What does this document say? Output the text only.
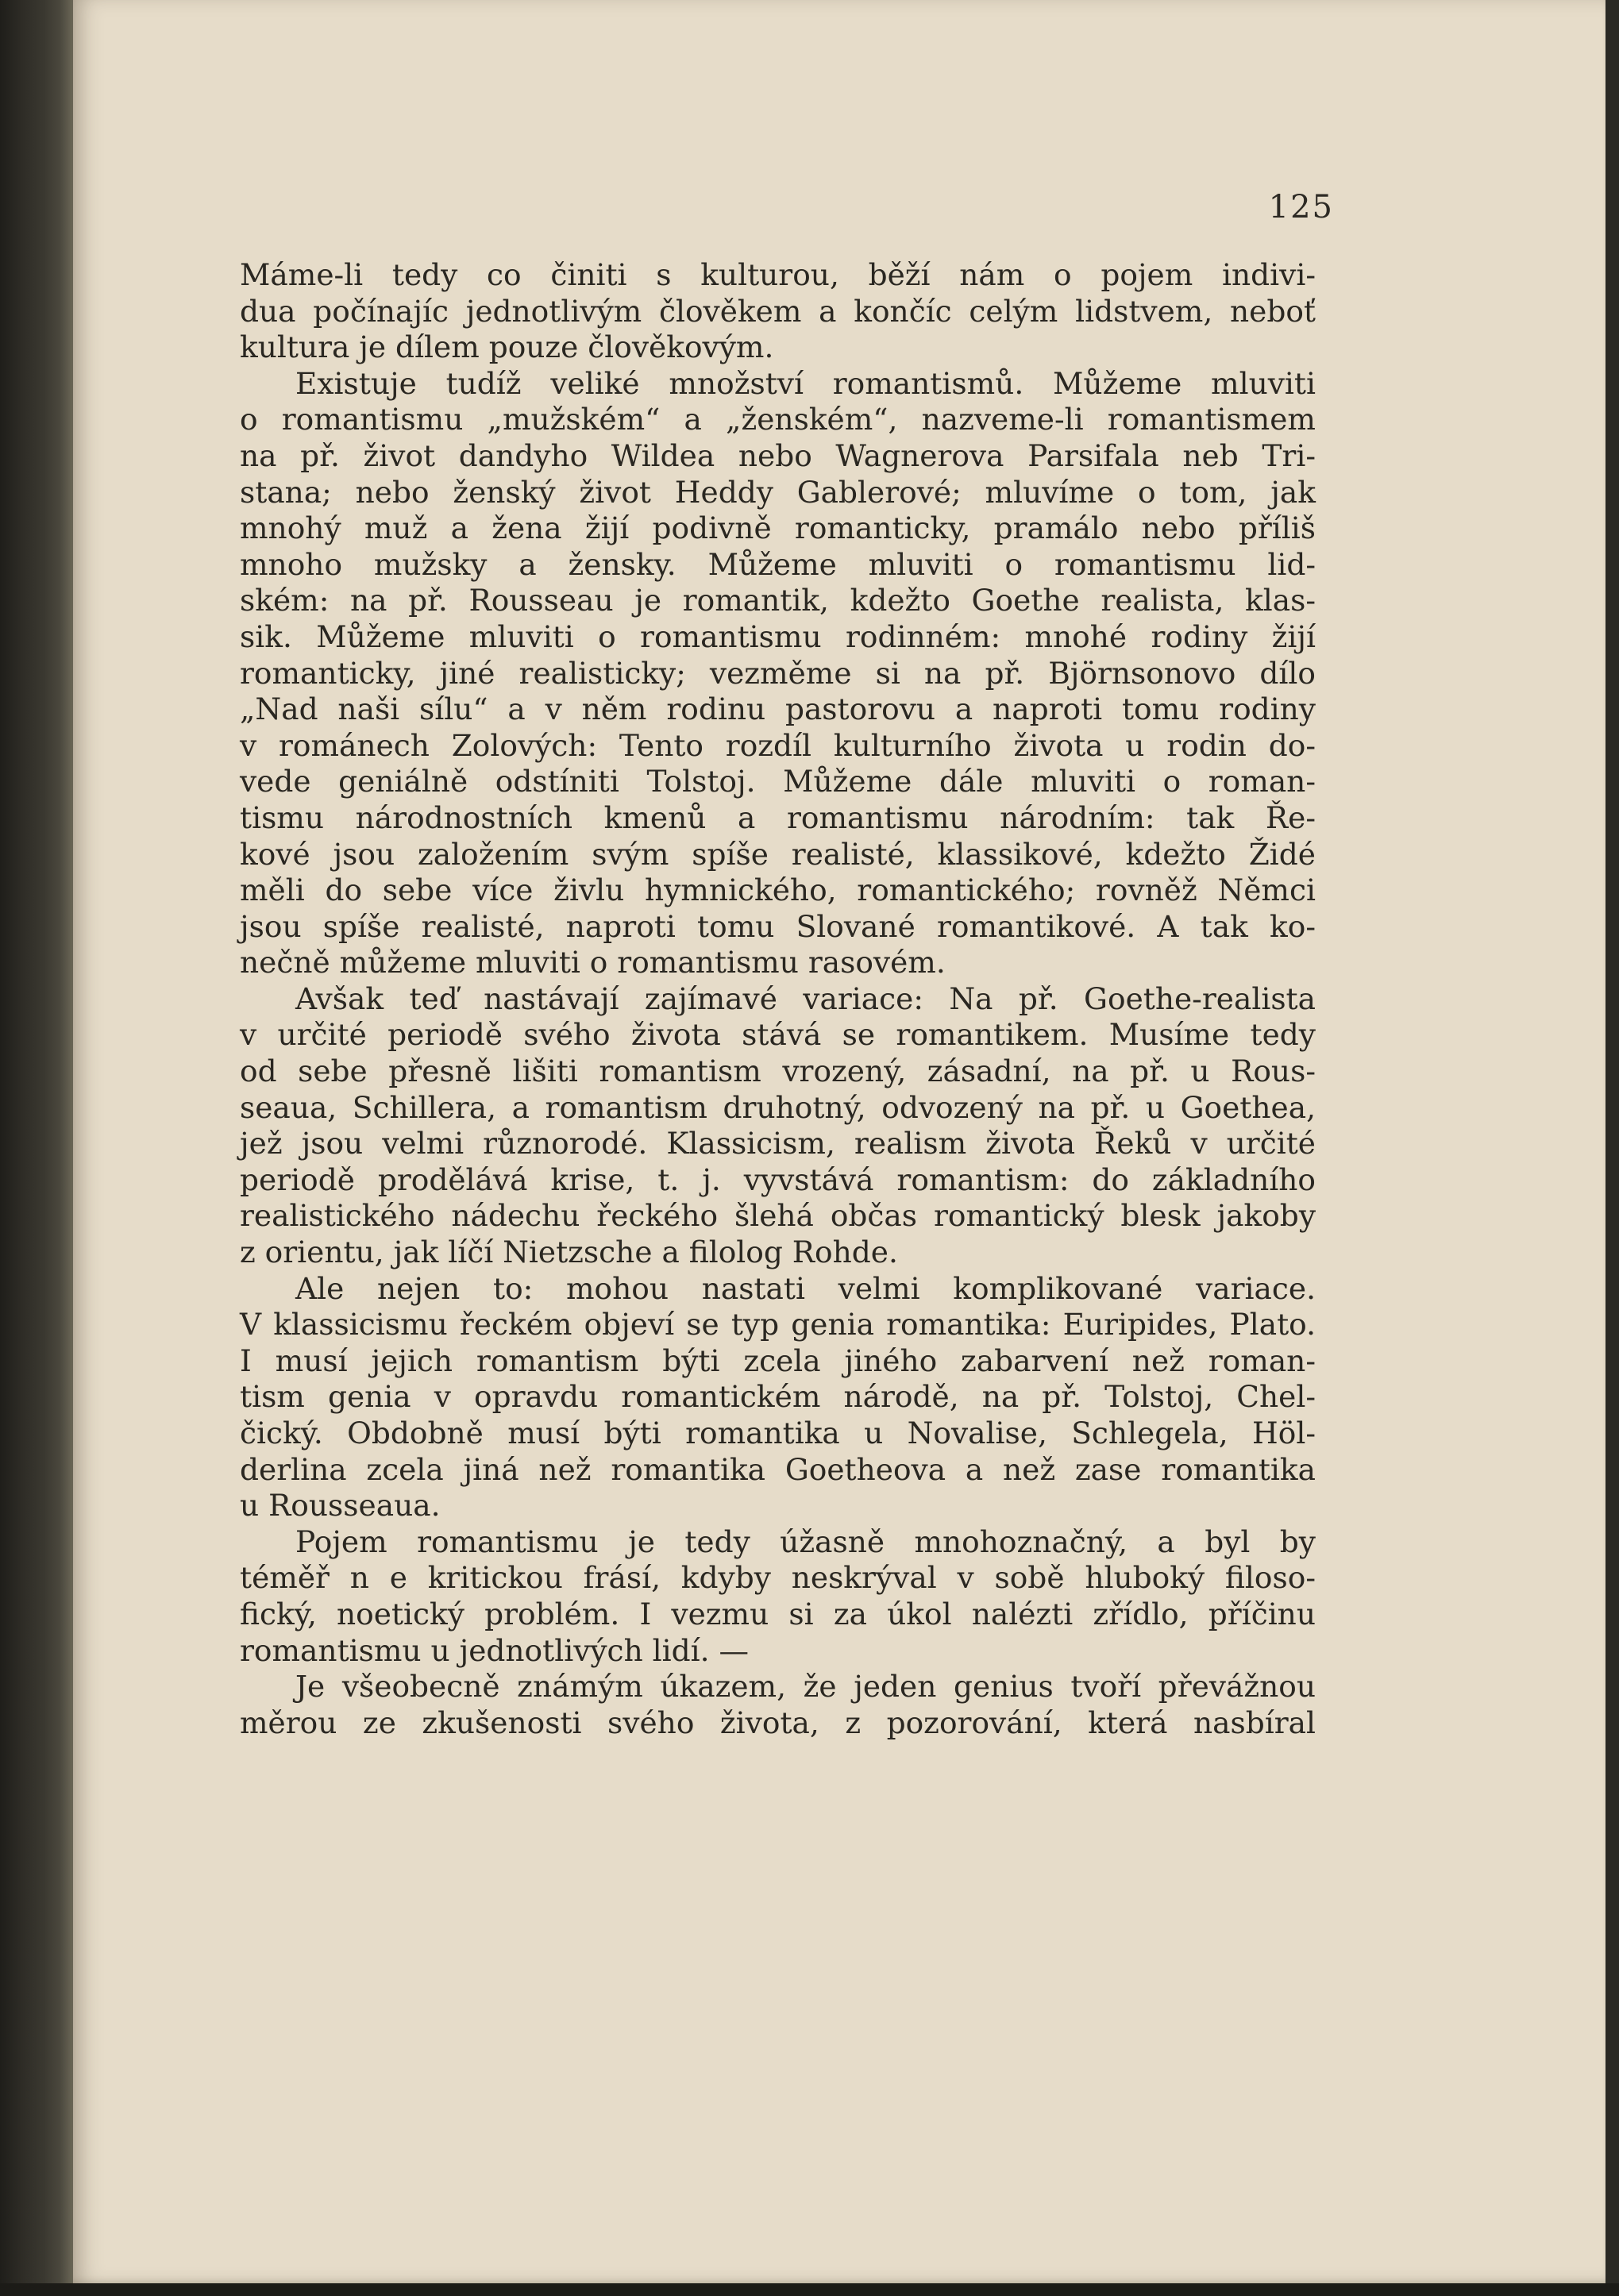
125

Máme-li tedy co činiti s kulturou, běží nám o pojem indivi-

dua počínajíc jednotlivým člověkem a končíc celým lidstvem, neboť

kultura je dílem pouze člověkovým.

Existuje tudíž veliké množství romantismů. Můžeme mluviti

o romantismu „mužském“ a „ženském“, nazveme-li romantismem

na př. život dandyho Wildea nebo Wagnerova Parsifala neb Tri-

stana; nebo ženský život Heddy Gablerové; mluvíme o tom, jak

mnohý muž a žena žijí podivně romanticky, pramálo nebo příliš

mnoho mužsky a žensky. Můžeme mluviti o romantismu lid-

ském: na př. Rousseau je romantik, kdežto Goethe realista, klas-

sik. Můžeme mluviti o romantismu rodinném: mnohé rodiny žijí

romanticky, jiné realisticky; vezměme si na př. Björnsonovo dílo

„Nad naši sílu“ a v něm rodinu pastorovu a naproti tomu rodiny

v románech Zolových: Tento rozdíl kulturního života u rodin do-

vede geniálně odstíniti Tolstoj. Můžeme dále mluviti o roman-

tismu národnostních kmenů a romantismu národním: tak Ře-

kové jsou založením svým spíše realisté, klassikové, kdežto Židé

měli do sebe více živlu hymnického, romantického; rovněž Němci

jsou spíše realisté, naproti tomu Slované romantikové. A tak ko-

nečně můžeme mluviti o romantismu rasovém.

Avšak teď nastávají zajímavé variace: Na př. Goethe-realista

v určité periodě svého života stává se romantikem. Musíme tedy

od sebe přesně lišiti romantism vrozený, zásadní, na př. u Rous-

seaua, Schillera, a romantism druhotný, odvozený na př. u Goethea,

jež jsou velmi různorodé. Klassicism, realism života Řeků v určité

periodě prodělává krise, t. j. vyvstává romantism: do základního

realistického nádechu řeckého šlehá občas romantický blesk jakoby

z orientu, jak líčí Nietzsche a filolog Rohde.

Ale nejen to: mohou nastati velmi komplikované variace.

V klassicismu řeckém objeví se typ genia romantika: Euripides, Plato.

I musí jejich romantism býti zcela jiného zabarvení než roman-

tism genia v opravdu romantickém národě, na př. Tolstoj, Chel-

čický. Obdobně musí býti romantika u Novalise, Schlegela, Höl-

derlina zcela jiná než romantika Goetheova a než zase romantika

u Rousseaua.

Pojem romantismu je tedy úžasně mnohoznačný, a byl by

téměř n e kritickou frásí, kdyby neskrýval v sobě hluboký filoso-

fický, noetický problém. I vezmu si za úkol nalézti zřídlo, příčinu

romantismu u jednotlivých lidí. —

Je všeobecně známým úkazem, že jeden genius tvoří převážnou

měrou ze zkušenosti svého života, z pozorování, která nasbíral
